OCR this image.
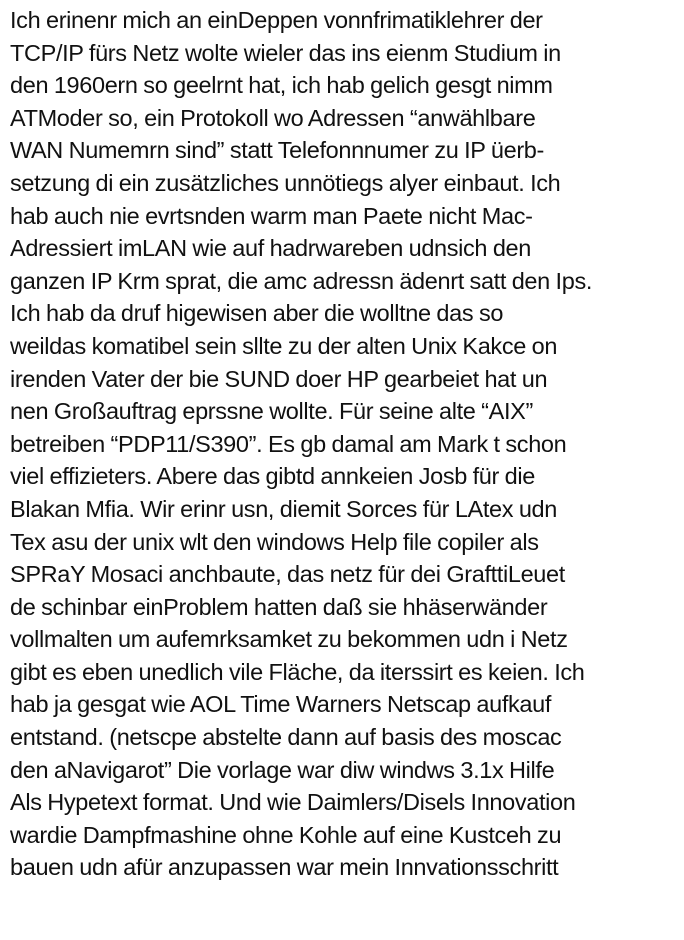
Ich erinenr mich an einDeppen vonnfrimatiklehrer der
TCP/IP fürs Netz wolte wieler das ins eienm Studium in
den 1960ern so geelrnt hat, ich hab gelich gesgt nimm
ATModer so, ein Protokoll wo Adressen “anwählbare
WAN Numemrn sind” statt Telefonnnumer zu IP üerb-
setzung di ein zusätzliches unnötiegs alyer einbaut. Ich
hab auch nie evrtsnden warm man Paete nicht Mac-
Adressiert imLAN wie auf hadrwareben udnsich den
ganzen IP Krm sprat, die amc adressn ädenrt satt den Ips.
Ich hab da druf higewisen aber die wolltne das so
weildas komatibel sein sllte zu der alten Unix Kakce on
irenden Vater der bie SUND doer HP gearbeiet hat un
nen Großauftrag eprssne wollte. Für seine alte “AIX”
betreiben “PDP11/S390”. Es gb damal am Mark t schon
viel effizieters. Abere das gibtd annkeien Josb für die
Blakan Mfia. Wir erinr usn, diemit Sorces für LAtex udn
Tex asu der unix wlt den windows Help file copiler als
SPRaY Mosaci anchbaute, das netz für dei GrafttiLeuet
de schinbar einProblem hatten daß sie hhäserwänder
vollmalten um aufemrksamket zu bekommen udn i Netz
gibt es eben unedlich vile Fläche, da iterssirt es keien. Ich
hab ja gesgat wie AOL Time Warners Netscap aufkauf
entstand. (netscpe abstelte dann auf basis des moscac
den aNavigarot” Die vorlage war diw windws 3.1x Hilfe
Als Hypetext format. Und wie Daimlers/Disels Innovation
wardie Dampfmashine ohne Kohle auf eine Kustceh zu
bauen udn afür anzupassen war mein Innvationsschritt
